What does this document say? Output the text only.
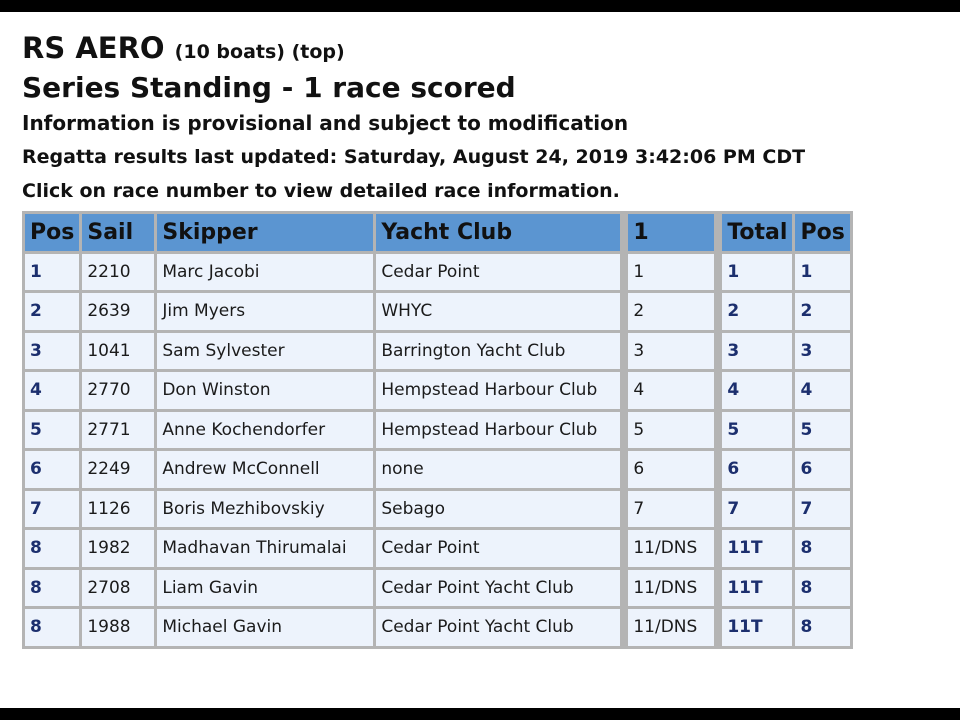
RS AERO (10 boats) (top)

Series Standing - 1 race scored

Information is provisional and subject to modification

Regatta results last updated: Saturday, August 24, 2019 3:42:06 PM CDT

Click on race number to view detailed race information.

Pos	Sail	Skipper	Yacht Club		1		Total	Pos
1	2210	Marc Jacobi	Cedar Point		1		1	1
2	2639	Jim Myers	WHYC		2		2	2
3	1041	Sam Sylvester	Barrington Yacht Club		3		3	3
4	2770	Don Winston	Hempstead Harbour Club		4		4	4
5	2771	Anne Kochendorfer	Hempstead Harbour Club		5		5	5
6	2249	Andrew McConnell	none		6		6	6
7	1126	Boris Mezhibovskiy	Sebago		7		7	7
8	1982	Madhavan Thirumalai	Cedar Point		11/DNS		11T	8
8	2708	Liam Gavin	Cedar Point Yacht Club		11/DNS		11T	8
8	1988	Michael Gavin	Cedar Point Yacht Club		11/DNS		11T	8
